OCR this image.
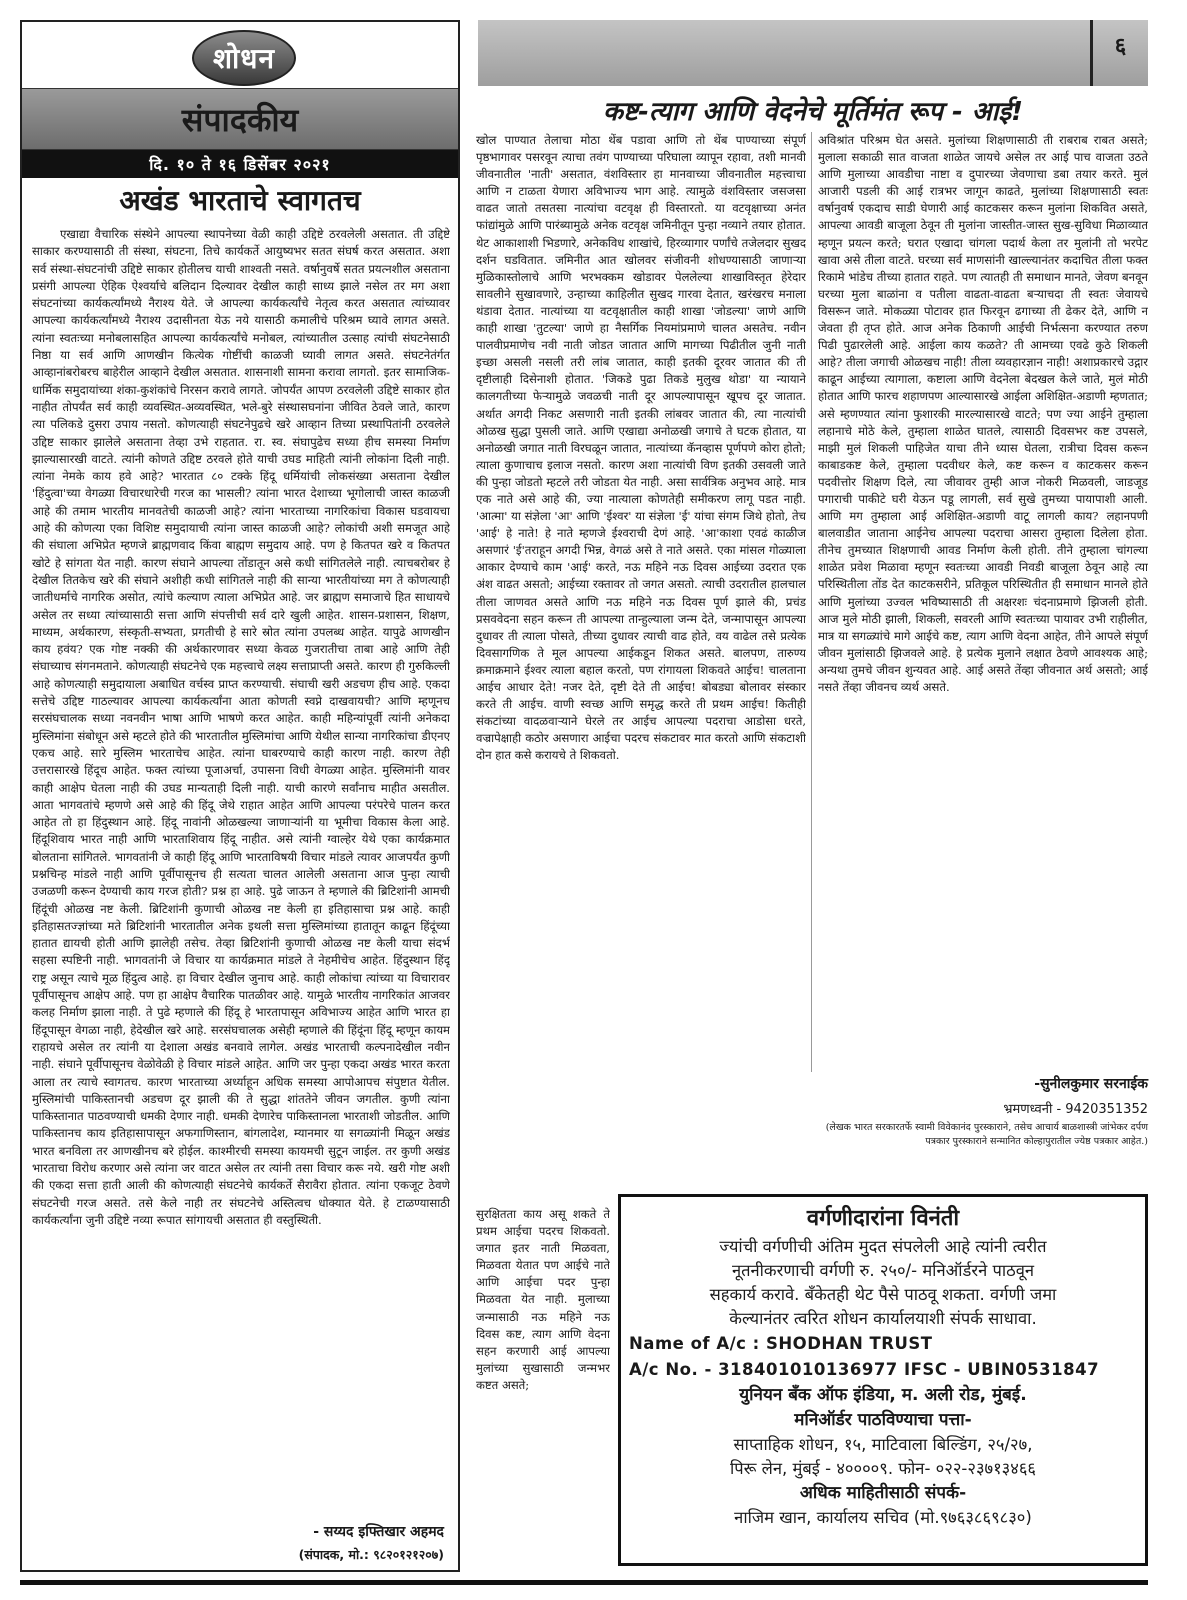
शोधन
संपादकीय
दि. १० ते १६ डिसेंबर २०२१
अखंड भारताचे स्वागतच
एखाद्या वैचारिक संस्थेने आपल्या स्थापनेच्या वेळी काही उद्दिष्टे ठरवलेली असतात. ती उद्दिष्टे साकार करण्यासाठी ती संस्था, संघटना, तिचे कार्यकर्ते आयुष्यभर सतत संघर्ष करत असतात. अशा सर्व संस्था-संघटनांची उद्दिष्टे साकार होतीलच याची शाश्वती नसते. वर्षानुवर्षे सतत प्रयत्नशील असताना प्रसंगी आपल्या ऐहिक ऐश्वर्याचे बलिदान दिल्यावर देखील काही साध्य झाले नसेल तर मग अशा संघटनांच्या कार्यकर्त्यांमध्ये नैराश्य येते. जे आपल्या कार्यकर्त्यांचे नेतृत्व करत असतात त्यांच्यावर आपल्या कार्यकर्त्यांमध्ये नैराश्य उदासीनता येऊ नये यासाठी कमालीचे परिश्रम घ्यावे लागत असते. त्यांना स्वतःच्या मनोबलासहित आपल्या कार्यकर्त्यांचे मनोबल, त्यांच्यातील उत्साह त्यांची संघटनेसाठी निष्ठा या सर्व आणि आणखीन कित्येक गोष्टींची काळजी घ्यावी लागत असते. संघटनेतंर्गत आव्हानांबरोबरच बाहेरील आव्हाने देखील असतात. शासनाशी सामना करावा लागतो. इतर सामाजिक-धार्मिक समुदायांच्या शंका-कुशंकांचे निरसन करावे लागते. जोपर्यंत आपण ठरवलेली उद्दिष्टे साकार होत नाहीत तोपर्यंत सर्व काही व्यवस्थित-अव्यवस्थित, भले-बुरे संस्थासघनांना जीवित ठेवले जाते, कारण त्या पलिकडे दुसरा उपाय नसतो. कोणत्याही संघटनेपुढचे खरे आव्हान तिच्या प्रस्थापितांनी ठरवलेले उद्दिष्ट साकार झालेले असताना तेव्हा उभे राहतात. रा. स्व. संघापुढेच सध्या हीच समस्या निर्माण झाल्यासारखी वाटते. त्यांनी कोणते उद्दिष्ट ठरवले होते याची उघड माहिती त्यांनी लोकांना दिली नाही. त्यांना नेमके काय हवे आहे? भारतात ८० टक्के हिंदू धर्मियांची लोकसंख्या असताना देखील 'हिंदुत्वा'च्या वेगळ्या विचारधारेची गरज का भासली? त्यांना भारत देशाच्या भूगोलाची जास्त काळजी आहे की तमाम भारतीय मानवतेची काळजी आहे? त्यांना भारताच्या नागरिकांचा विकास घडवायचा आहे की कोणत्या एका विशिष्ट समुदायाची त्यांना जास्त काळजी आहे? लोकांची अशी समजूत आहे की संघाला अभिप्रेत म्हणजे ब्राह्मणवाद किंवा बाह्मण समुदाय आहे. पण हे कितपत खरे व कितपत खोटे हे सांगता येत नाही. कारण संघाने आपल्या तोंडातून असे कधी सांगितलेले नाही. त्याचबरोबर हे देखील तितकेच खरे की संघाने अशीही कधी सांगितले नाही की सान्या भारतीयांच्या मग ते कोणत्याही जातीधर्माचे नागरिक असोत, त्यांचे कल्याण त्याला अभिप्रेत आहे. जर ब्राह्मण समाजाचे हित साधायचे असेल तर सध्या त्यांच्यासाठी सत्ता आणि संपत्तीची सर्व दारे खुली आहेत. शासन-प्रशासन, शिक्षण, माध्यम, अर्थकारण, संस्कृती-सभ्यता, प्रगतीची हे सारे स्रोत त्यांना उपलब्ध आहेत. यापुढे आणखीन काय हवंय? एक गोष्ट नक्की की अर्थकारणावर सध्या केवळ गुजरातीचा ताबा आहे आणि तेही संघाच्याच संगनमताने. कोणत्याही संघटनेचे एक महत्त्वाचे लक्ष्य सत्ताप्राप्ती असते. कारण ही गुरुकिल्ली आहे कोणत्याही समुदायाला अबाधित वर्चस्व प्राप्त करण्याची. संघाची खरी अडचण हीच आहे. एकदा सत्तेचे उद्दिष्ट गाठल्यावर आपल्या कार्यकर्त्यांना आता कोणती स्वप्ने दाखवायची? आणि म्हणूनच सरसंघचालक सध्या नवनवीन भाषा आणि भाषणे करत आहेत. काही महिन्यांपूर्वी त्यांनी अनेकदा मुस्लिमांना संबोधून असे म्हटले होते की भारतातील मुस्लिमांचा आणि येथील सान्या नागरिकांचा डीएनए एकच आहे. सारे मुस्लिम भारताचेच आहेत. त्यांना घाबरण्याचे काही कारण नाही. कारण तेही उत्तरासारखे हिंदूच आहेत. फक्त त्यांच्या पूजाअर्चा, उपासना विधी वेगळ्या आहेत. मुस्लिमांनी यावर काही आक्षेप घेतला नाही की उघड मान्यताही दिली नाही. याची कारणे सर्वांनाच माहीत असतील. आता भागवतांचे म्हणणे असे आहे की हिंदू जेथे राहात आहेत आणि आपल्या परंपरेचे पालन करत आहेत तो हा हिंदुस्थान आहे. हिंदू नावांनी ओळखल्या जाणाऱ्यांनी या भूमीचा विकास केला आहे. हिंदूशिवाय भारत नाही आणि भारताशिवाय हिंदू नाहीत. असे त्यांनी ग्वाल्हेर येथे एका कार्यक्रमात बोलताना सांगितले. भागवतांनी जे काही हिंदू आणि भारताविषयी विचार मांडले त्यावर आजपर्यंत कुणी प्रश्नचिन्ह मांडले नाही आणि पूर्वीपासूनच ही सत्यता चालत आलेली असताना आज पुन्हा त्याची उजळणी करून देण्याची काय गरज होती? प्रश्न हा आहे. पुढे जाऊन ते म्हणाले की ब्रिटिशांनी आमची हिंदूंची ओळख नष्ट केली. ब्रिटिशांनी कुणाची ओळख नष्ट केली हा इतिहासाचा प्रश्न आहे. काही इतिहासतज्ज्ञांच्या मते ब्रिटिशांनी भारतातील अनेक इथली सत्ता मुस्लिमांच्या हातातून काढून हिंदूंच्या हातात द्यायची होती आणि झालेही तसेच. तेव्हा ब्रिटिशांनी कुणाची ओळख नष्ट केली याचा संदर्भ सहसा स्पष्टिनी नाही. भागवतांनी जे विचार या कार्यक्रमात मांडले ते नेहमीचेच आहेत. हिंदुस्थान हिंदू राष्ट्र असून त्याचे मूळ हिंदुत्व आहे. हा विचार देखील जुनाच आहे. काही लोकांचा त्यांच्या या विचारावर पूर्वीपासूनच आक्षेप आहे. पण हा आक्षेप वैचारिक पातळीवर आहे. यामुळे भारतीय नागरिकांत आजवर कलह निर्माण झाला नाही. ते पुढे म्हणाले की हिंदू हे भारतापासून अविभाज्य आहेत आणि भारत हा हिंदूपासून वेगळा नाही, हेदेखील खरे आहे. सरसंघचालक असेही म्हणाले की हिंदूंना हिंदू म्हणून कायम राहायचे असेल तर त्यांनी या देशाला अखंड बनवावे लागेल. अखंड भारताची कल्पनादेखील नवीन नाही. संघाने पूर्वीपासूनच वेळोवेळी हे विचार मांडले आहेत. आणि जर पुन्हा एकदा अखंड भारत करता आला तर त्याचे स्वागतच. कारण भारताच्या अर्ध्याहून अधिक समस्या आपोआपच संपुष्टात येतील. मुस्लिमांची पाकिस्तानची अडचण दूर झाली की ते सुद्धा शांततेने जीवन जगतील. कुणी त्यांना पाकिस्तानात पाठवण्याची धमकी देणार नाही. धमकी देणारेच पाकिस्तानला भारताशी जोडतील. आणि पाकिस्तानच काय इतिहासापासून अफगाणिस्तान, बांगलादेश, म्यानमार या सगळ्यांनी मिळून अखंड भारत बनविला तर आणखीनच बरे होईल. काश्मीरची समस्या कायमची सुटून जाईल. तर कुणी अखंड भारताचा विरोध करणार असे त्यांना जर वाटत असेल तर त्यांनी तसा विचार करू नये. खरी गोष्ट अशी की एकदा सत्ता हाती आली की कोणत्याही संघटनेचे कार्यकर्ते सैरावैरा होतात. त्यांना एकजूट ठेवणे संघटनेची गरज असते. तसे केले नाही तर संघटनेचे अस्तित्वच धोक्यात येते. हे टाळण्यासाठी कार्यकर्त्यांना जुनी उद्दिष्टे नव्या रूपात सांगायची असतात ही वस्तुस्थिती.
- सय्यद इफ्तिखार अहमद
(संपादक, मो.: ९८२०१२१२०७)
६
कष्ट-त्याग आणि वेदनेचे मूर्तिमंत रूप - आई!
खोल पाण्यात तेलाचा मोठा थेंब पडावा आणि तो थेंब पाण्याच्या संपूर्ण पृष्ठभागावर पसरवून त्याचा तवंग पाण्याच्या परिघाला व्यापून रहावा, तशी मानवी जीवनातील 'नाती' असतात, वंशविस्तार हा मानवाच्या जीवनातील महत्त्वाचा आणि न टाळता येणारा अविभाज्य भाग आहे. त्यामुळे वंशविस्तार जसजसा वाढत जातो तसतसा नात्यांचा वटवृक्ष ही विस्तारतो. या वटवृक्षाच्या अनंत फांद्यांमुळे आणि पारंब्यामुळे अनेक वटवृक्ष जमिनीतून पुन्हा नव्याने तयार होतात. थेट आकाशाशी भिडणारे, अनेकविध शाखांचे, हिरव्यागार पर्णांचे तजेलदार सुखद दर्शन घडवितात. जमिनीत आत खोलवर संजीवनी शोधण्यासाठी जाणाऱ्या मुळिकास्तोलाचे आणि भरभक्कम खोडावर पेललेल्या शाखाविस्तृत हेरेदार सावलीने सुखावणारे, उन्हाच्या काहिलीत सुखद गारवा देतात, खरंखरच मनाला थंडावा देतात. नात्यांच्या या वटवृक्षातील काही शाखा 'जोडल्या' जाणे आणि काही शाखा 'तुटल्या' जाणे हा नैसर्गिक नियमांप्रमाणे चालत असतेच. नवीन पालवीप्रमाणेच नवी नाती जोडत जातात आणि मागच्या पिढीतील जुनी नाती इच्छा असली नसली तरी लांब जातात, काही इतकी दूरवर जातात की ती दृष्टीलाही दिसेनाशी होतात. 'जिकडे पुढा तिकडे मुलुख थोडा' या न्यायाने कालगतीच्या फेऱ्यामुळे जवळची नाती दूर आपल्यापासून खूपच दूर जातात. अर्थात अगदी निकट असणारी नाती इतकी लांबवर जातात की, त्या नात्यांची ओळख सुद्धा पुसली जाते. आणि एखाद्या अनोळखी जगाचे ते घटक होतात, या अनोळखी जगात नाती विरघळून जातात, नात्यांच्या कॅनव्हास पूर्णपणे कोरा होतो; त्याला कुणाचाच इलाज नसतो. कारण अशा नात्यांची विण इतकी उसवली जाते की पुन्हा जोडतो म्हटले तरी जोडता येत नाही. असा सार्वत्रिक अनुभव आहे. मात्र एक नाते असे आहे की, ज्या नात्याला कोणतेही समीकरण लागू पडत नाही. 'आत्मा' या संज्ञेला 'आ' आणि 'ईश्वर' या संज्ञेला 'ई' यांचा संगम जिथे होतो, तेच 'आई' हे नाते! हे नाते म्हणजे ईश्वराची देणं आहे. 'आ'काशा एवढं काळीज असणारं 'ई'तराहून अगदी भिन्न, वेगळं असे ते नाते असते. एका मांसल गोळ्याला आकार देण्याचे काम 'आई' करते, नऊ महिने नऊ दिवस आईच्या उदरात एक अंश वाढत असतो; आईच्या रक्तावर तो जगत असतो. त्याची उदरातील हालचाल तीला जाणवत असते आणि नऊ महिने नऊ दिवस पूर्ण झाले की, प्रचंड प्रसववेदना सहन करून ती आपल्या तान्हुल्याला जन्म देते, जन्मापासून आपल्या दुधावर ती त्याला पोसते, तीच्या दुधावर त्याची वाढ होते, वय वाढेल तसे प्रत्येक दिवसागणिक ते मूल आपल्या आईकडून शिकत असते. बालपण, तारुण्य क्रमाक्रमाने ईश्वर त्याला बहाल करतो, पण रांगायला शिकवते आईच! चालताना आईच आधार देते! नजर देते, दृष्टी देते ती आईच! बोबड्या बोलावर संस्कार करते ती आईच. वाणी स्वच्छ आणि समृद्ध करते ती प्रथम आईच! कितीही संकटांच्या वादळवाऱ्याने घेरले तर आईच आपल्या पदराचा आडोसा धरते, वज्रापेक्षाही कठोर असणारा आईचा पदरच संकटावर मात करतो आणि संकटाशी दोन हात कसे करायचे ते शिकवतो.
सुरक्षितता काय असू शकते ते प्रथम आईचा पदरच शिकवतो. जगात इतर नाती मिळवता, मिळवता येतात पण आईचे नाते आणि आईचा पदर पुन्हा मिळवता येत नाही. मुलाच्या जन्मासाठी नऊ महिने नऊ दिवस कष्ट, त्याग आणि वेदना सहन करणारी आई आपल्या मुलांच्या सुखासाठी जन्मभर कष्टत असते;
अविश्रांत परिश्रम घेत असते. मुलांच्या शिक्षणासाठी ती राबराब राबत असते; मुलाला सकाळी सात वाजता शाळेत जायचे असेल तर आई पाच वाजता उठते आणि मुलाच्या आवडीचा नाष्टा व दुपारच्या जेवणाचा डबा तयार करते. मुलं आजारी पडली की आई रात्रभर जागून काढते, मुलांच्या शिक्षणासाठी स्वतः वर्षानुवर्ष एकदाच साडी घेणारी आई काटकसर करून मुलांना शिकवित असते, आपल्या आवडी बाजूला ठेवून ती मुलांना जास्तीत-जास्त सुख-सुविधा मिळाव्यात म्हणून प्रयत्न करते; घरात एखादा चांगला पदार्थ केला तर मुलांनी तो भरपेट खावा असे तीला वाटते. घरच्या सर्व माणसांनी खाल्ल्यानंतर कदाचित तीला फक्त रिकामे भांडेच तीच्या हातात राहते. पण त्यातही ती समाधान मानते, जेवण बनवून घरच्या मुला बाळांना व पतीला वाढता-वाढता बऱ्याचदा ती स्वतः जेवायचे विसरून जाते. मोकळ्या पोटावर हात फिरवून ढगाच्या ती ढेकर देते, आणि न जेवता ही तृप्त होते. आज अनेक ठिकाणी आईची निर्भत्सना करण्यात तरुण पिढी पुढारलेली आहे. आईला काय कळते? ती आमच्या एवढे कुठे शिकली आहे? तीला जगाची ओळखच नाही! तीला व्यवहारज्ञान नाही! अशाप्रकारचे उद्गार काढून आईच्या त्यागाला, कष्टाला आणि वेदनेला बेदखल केले जाते, मुलं मोठी होतात आणि फारच शहाणपण आल्यासारखे आईला अशिक्षित-अडाणी म्हणतात; असे म्हणण्यात त्यांना फुशारकी मारल्यासारखे वाटते; पण ज्या आईने तुम्हाला लहानाचे मोठे केले, तुम्हाला शाळेत घातले, त्यासाठी दिवसभर कष्ट उपसले, माझी मुलं शिकली पाहिजेत याचा तीने ध्यास घेतला, रात्रीचा दिवस करून काबाडकष्ट केले, तुम्हाला पदवीधर केले, कष्ट करून व काटकसर करून पदवीत्तोर शिक्षण दिले, त्या जीवावर तुम्ही आज नोकरी मिळवली, जाडजूड पगाराची पाकीटे घरी येऊन पडू लागली, सर्व सुखे तुमच्या पायापाशी आली. आणि मग तुम्हाला आई अशिक्षित-अडाणी वाटू लागली काय? लहानपणी बालवाडीत जाताना आईनेच आपल्या पदराचा आसरा तुम्हाला दिलेला होता. तीनेच तुमच्यात शिक्षणाची आवड निर्माण केली होती. तीने तुम्हाला चांगल्या शाळेत प्रवेश मिळावा म्हणून स्वतःच्या आवडी निवडी बाजूला ठेवून आहे त्या परिस्थितीला तोंड देत काटकसरीने, प्रतिकूल परिस्थितीत ही समाधान मानले होते आणि मुलांच्या उज्वल भविष्यासाठी ती अक्षरशः चंदनाप्रमाणे झिजली होती. आज मुले मोठी झाली, शिकली, सवरली आणि स्वतःच्या पायावर उभी राहीलीत, मात्र या सगळ्यांचे मागे आईचे कष्ट, त्याग आणि वेदना आहेत, तीने आपले संपूर्ण जीवन मुलांसाठी झिजवले आहे. हे प्रत्येक मुलाने लक्षात ठेवणे आवश्यक आहे; अन्यथा तुमचे जीवन शुन्यवत आहे. आई असते तेंव्हा जीवनात अर्थ असतो; आई नसते तेंव्हा जीवनच व्यर्थ असते.
-सुनीलकुमार सरनाईक
भ्रमणध्वनी - 9420351352
(लेखक भारत सरकारतर्फे स्वामी विवेकानंद पुरस्काराने, तसेच आचार्य बाळशास्त्री जांभेकर दर्पण पत्रकार पुरस्काराने सन्मानित कोल्हापुरातील ज्येष्ठ पत्रकार आहेत.)
वर्गणीदारांना विनंती
ज्यांची वर्गणीची अंतिम मुदत संपलेली आहे त्यांनी त्वरीत
नूतनीकरणाची वर्गणी रु. २५०/- मनिऑर्डरने पाठवून
सहकार्य करावे. बँकेतही थेट पैसे पाठवू शकता. वर्गणी जमा
केल्यानंतर त्वरित शोधन कार्यालयाशी संपर्क साधावा.
Name of A/c : SHODHAN TRUST
A/c No. - 318401010136977 IFSC - UBIN0531847
युनियन बँक ऑफ इंडिया, म. अली रोड, मुंबई.
मनिऑर्डर पाठविण्याचा पत्ता-
साप्ताहिक शोधन, १५, माटिवाला बिल्डिंग, २५/२७,
पिरू लेन, मुंबई - ४००००९. फोन- ०२२-२३७१३४६६
अधिक माहितीसाठी संपर्क-
नाजिम खान, कार्यालय सचिव (मो.९७६३८६९८३०)
